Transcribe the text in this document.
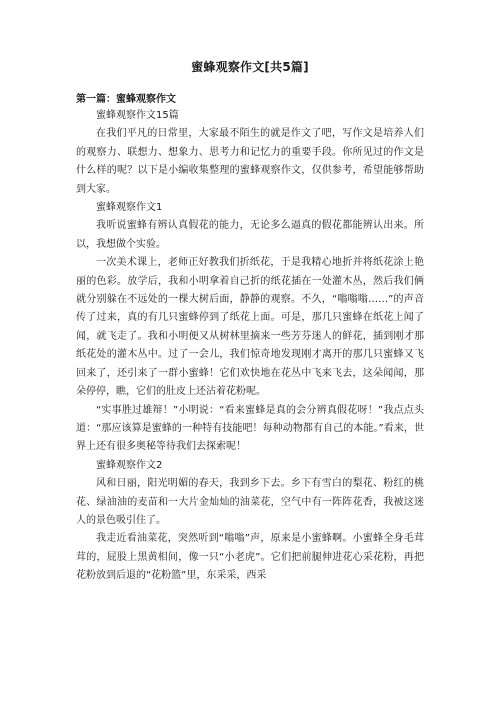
蜜蜂观察作文[共5篇]
第一篇：蜜蜂观察作文

蜜蜂观察作文15篇

在我们平凡的日常里，大家最不陌生的就是作文了吧，写作文是培养人们的观察力、联想力、想象力、思考力和记忆力的重要手段。你所见过的作文是什么样的呢？以下是小编收集整理的蜜蜂观察作文，仅供参考，希望能够帮助到大家。

蜜蜂观察作文1

我听说蜜蜂有辨认真假花的能力，无论多么逼真的假花都能辨认出来。所以，我想做个实验。

一次美术课上，老师正好教我们折纸花，于是我精心地折并将纸花涂上艳丽的色彩。放学后，我和小明拿着自己折的纸花插在一处灌木丛，然后我们俩就分别躲在不远处的一棵大树后面，静静的观察。不久，“嗡嗡嗡……”的声音传了过来，真的有几只蜜蜂停到了纸花上面。可是，那几只蜜蜂在纸花上闻了闻，就飞走了。我和小明便又从树林里摘来一些芳芬迷人的鲜花，插到刚才那纸花处的灌木丛中。过了一会儿，我们惊奇地发现刚才离开的那几只蜜蜂又飞回来了，还引来了一群小蜜蜂！它们欢快地在花丛中飞来飞去，这朵闻闻，那朵停停，瞧，它们的肚皮上还沾着花粉呢。

“实事胜过雄辩！”小明说：“看来蜜蜂是真的会分辨真假花呀！”我点点头道：“那应该算是蜜蜂的一种特有技能吧！每种动物都有自己的本能。”看来，世界上还有很多奥秘等待我们去探索呢！

蜜蜂观察作文2

风和日丽，阳光明媚的春天，我到乡下去。乡下有雪白的梨花、粉红的桃花、绿油油的麦苗和一大片金灿灿的油菜花，空气中有一阵阵花香，我被这迷人的景色吸引住了。

我走近看油菜花，突然听到“嗡嗡”声，原来是小蜜蜂啊。小蜜蜂全身毛茸茸的，屁股上黑黄相间，像一只“小老虎”。它们把前腿伸进花心采花粉，再把花粉放到后退的“花粉篮”里，东采采，西采
